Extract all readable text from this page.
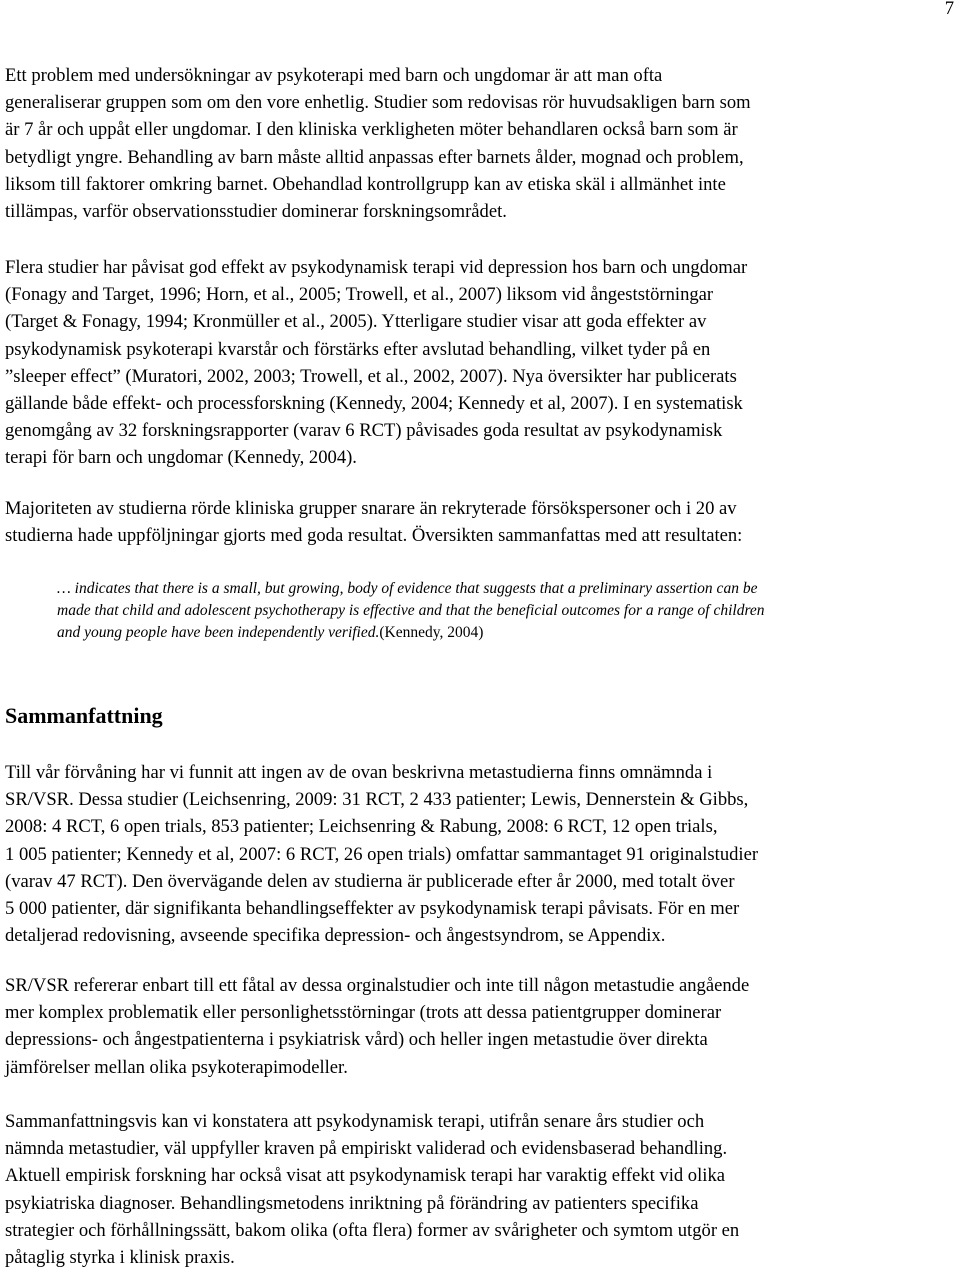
7
Ett problem med undersökningar av psykoterapi med barn och ungdomar är att man ofta
generaliserar gruppen som om den vore enhetlig. Studier som redovisas rör huvudsakligen barn som
är 7 år och uppåt eller ungdomar. I den kliniska verkligheten möter behandlaren också barn som är
betydligt yngre. Behandling av barn måste alltid anpassas efter barnets ålder, mognad och problem,
liksom till faktorer omkring barnet. Obehandlad kontrollgrupp kan av etiska skäl i allmänhet inte
tillämpas, varför observationsstudier dominerar forskningsområdet.
Flera studier har påvisat god effekt av psykodynamisk terapi vid depression hos barn och ungdomar
(Fonagy and Target, 1996; Horn, et al., 2005; Trowell, et al., 2007) liksom vid ångeststörningar
(Target & Fonagy, 1994; Kronmüller et al., 2005). Ytterligare studier visar att goda effekter av
psykodynamisk psykoterapi kvarstår och förstärks efter avslutad behandling, vilket tyder på en
”sleeper effect” (Muratori, 2002, 2003; Trowell, et al., 2002, 2007). Nya översikter har publicerats
gällande både effekt- och processforskning (Kennedy, 2004; Kennedy et al, 2007). I en systematisk
genomgång av 32 forskningsrapporter (varav 6 RCT) påvisades goda resultat av psykodynamisk
terapi för barn och ungdomar (Kennedy, 2004).
Majoriteten av studierna rörde kliniska grupper snarare än rekryterade försökspersoner och i 20 av
studierna hade uppföljningar gjorts med goda resultat. Översikten sammanfattas med att resultaten:
… indicates that there is a small, but growing, body of evidence that suggests that a preliminary assertion can be
made that child and adolescent psychotherapy is effective and that the beneficial outcomes for a range of children
and young people have been independently verified.(Kennedy, 2004)
Sammanfattning
Till vår förvåning har vi funnit att ingen av de ovan beskrivna metastudierna finns omnämnda i
SR/VSR. Dessa studier (Leichsenring, 2009: 31 RCT, 2 433 patienter; Lewis, Dennerstein & Gibbs,
2008: 4 RCT, 6 open trials, 853 patienter; Leichsenring & Rabung, 2008: 6 RCT, 12 open trials,
1 005 patienter; Kennedy et al, 2007: 6 RCT, 26 open trials) omfattar sammantaget 91 originalstudier
(varav 47 RCT). Den övervägande delen av studierna är publicerade efter år 2000, med totalt över
5 000 patienter, där signifikanta behandlingseffekter av psykodynamisk terapi påvisats. För en mer
detaljerad redovisning, avseende specifika depression- och ångestsyndrom, se Appendix.
SR/VSR refererar enbart till ett fåtal av dessa orginalstudier och inte till någon metastudie angående
mer komplex problematik eller personlighetsstörningar (trots att dessa patientgrupper dominerar
depressions- och ångestpatienterna i psykiatrisk vård) och heller ingen metastudie över direkta
jämförelser mellan olika psykoterapimodeller.
Sammanfattningsvis kan vi konstatera att psykodynamisk terapi, utifrån senare års studier och
nämnda metastudier, väl uppfyller kraven på empiriskt validerad och evidensbaserad behandling.
Aktuell empirisk forskning har också visat att psykodynamisk terapi har varaktig effekt vid olika
psykiatriska diagnoser. Behandlingsmetodens inriktning på förändring av patienters specifika
strategier och förhållningssätt, bakom olika (ofta flera) former av svårigheter och symtom utgör en
påtaglig styrka i klinisk praxis.
